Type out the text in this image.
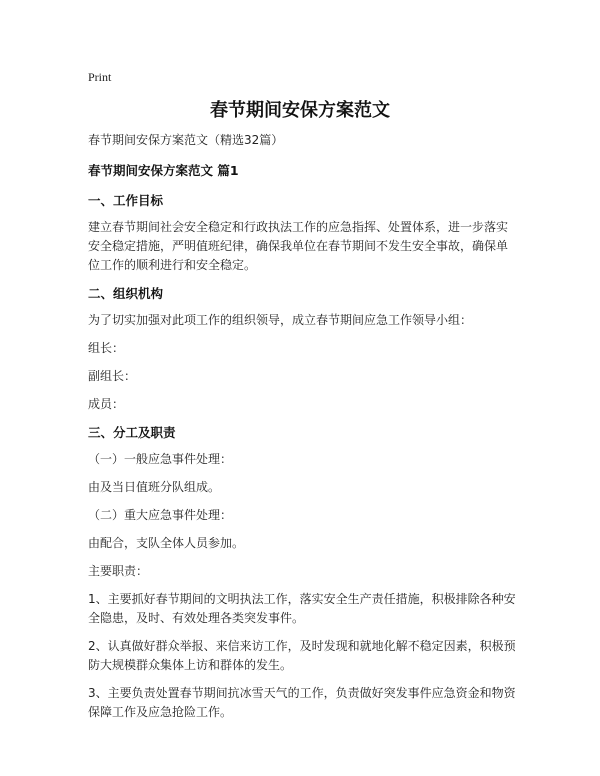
Print
春节期间安保方案范文

春节期间安保方案范文（精选32篇）

春节期间安保方案范文 篇1

一、工作目标

建立春节期间社会安全稳定和行政执法工作的应急指挥、处置体系，进一步落实安全稳定措施，严明值班纪律，确保我单位在春节期间不发生安全事故，确保单位工作的顺利进行和安全稳定。

二、组织机构

为了切实加强对此项工作的组织领导，成立春节期间应急工作领导小组：

组长：

副组长：

成员：

三、分工及职责

（一）一般应急事件处理：

由及当日值班分队组成。

（二）重大应急事件处理：

由配合，支队全体人员参加。

主要职责：

1、主要抓好春节期间的文明执法工作，落实安全生产责任措施，积极排除各种安全隐患，及时、有效处理各类突发事件。

2、认真做好群众举报、来信来访工作，及时发现和就地化解不稳定因素，积极预防大规模群众集体上访和群体的发生。

3、主要负责处置春节期间抗冰雪天气的工作，负责做好突发事件应急资金和物资保障工作及应急抢险工作。
